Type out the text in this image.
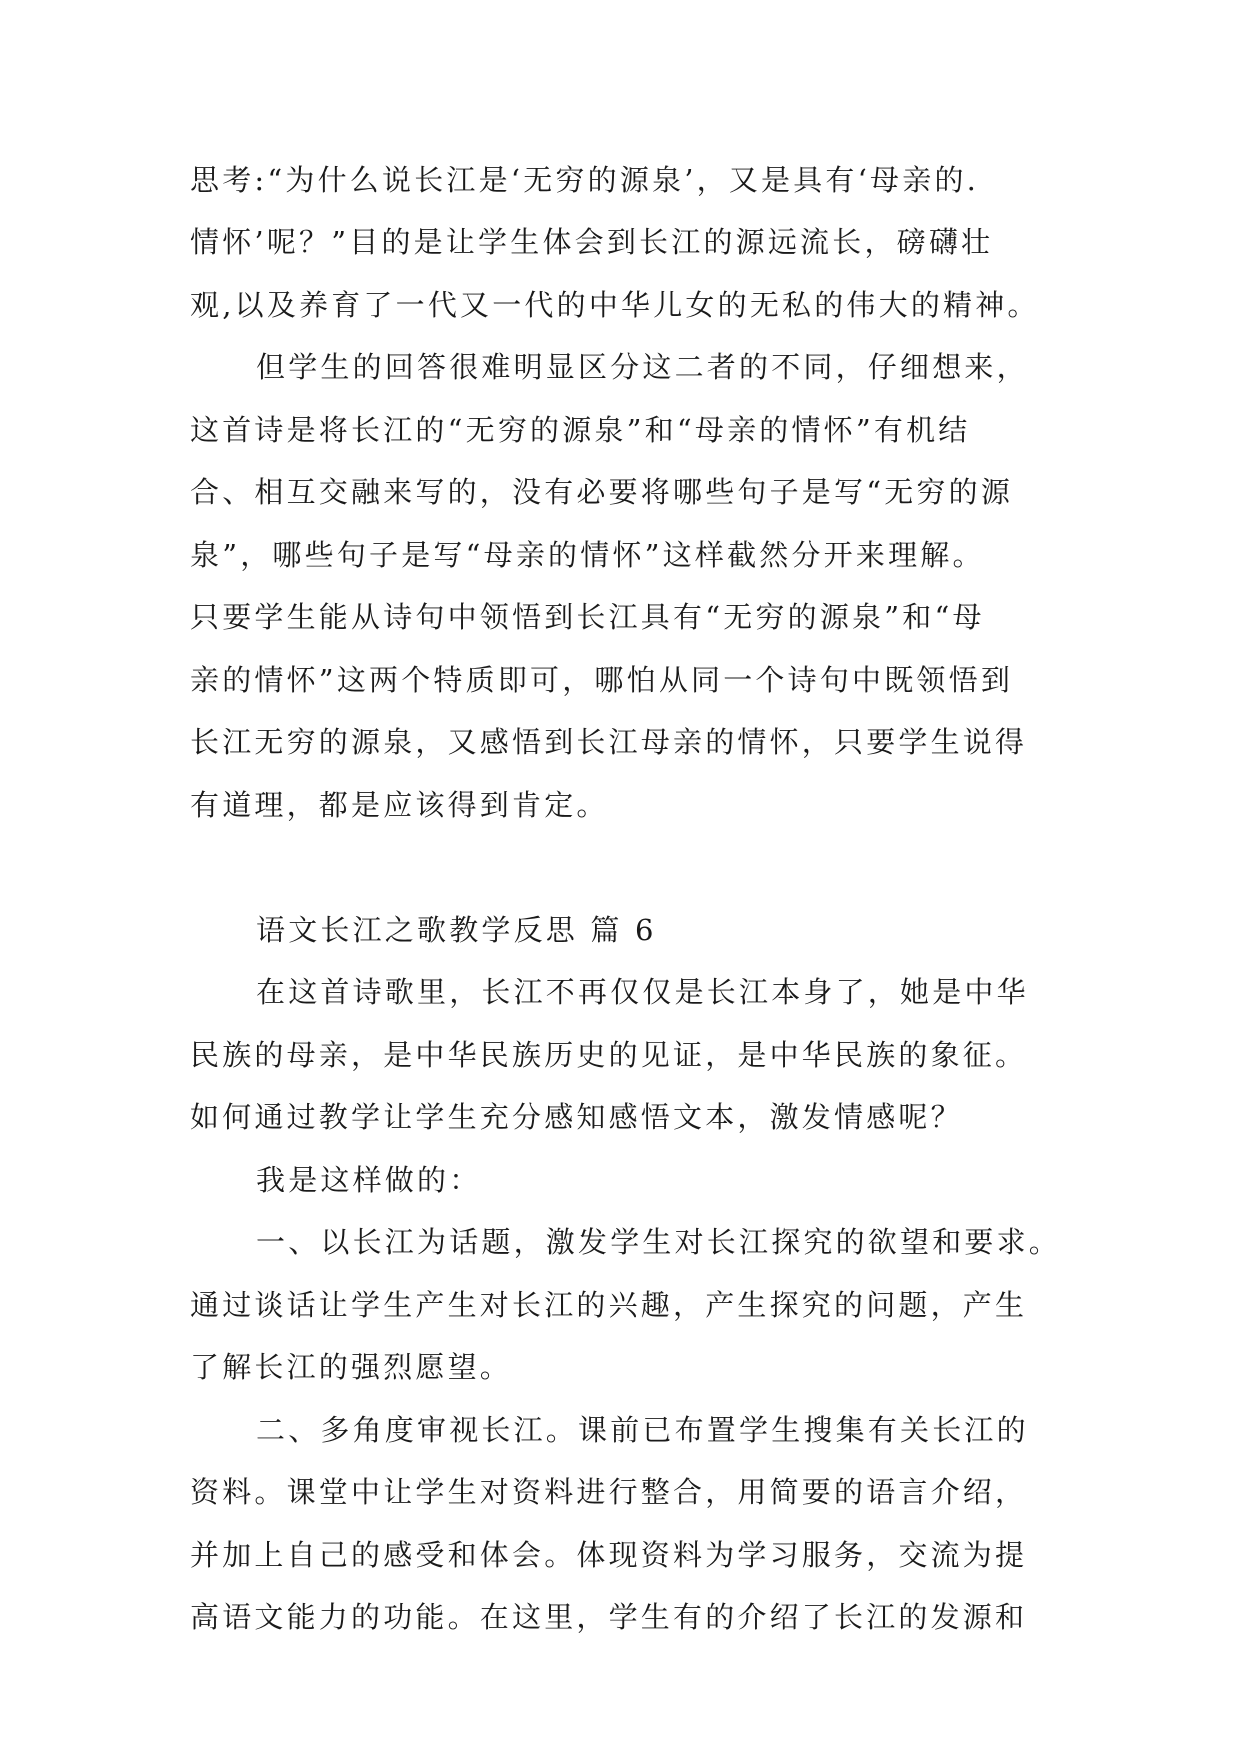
思考:“为什么说长江是‘无穷的源泉’，又是具有‘母亲的.
情怀’呢？”目的是让学生体会到长江的源远流长，磅礴壮
观,以及养育了一代又一代的中华儿女的无私的伟大的精神。
但学生的回答很难明显区分这二者的不同，仔细想来，
这首诗是将长江的“无穷的源泉”和“母亲的情怀”有机结
合、相互交融来写的，没有必要将哪些句子是写“无穷的源
泉”，哪些句子是写“母亲的情怀”这样截然分开来理解。
只要学生能从诗句中领悟到长江具有“无穷的源泉”和“母
亲的情怀”这两个特质即可，哪怕从同一个诗句中既领悟到
长江无穷的源泉，又感悟到长江母亲的情怀，只要学生说得
有道理，都是应该得到肯定。
语文长江之歌教学反思 篇 6
在这首诗歌里，长江不再仅仅是长江本身了，她是中华
民族的母亲，是中华民族历史的见证，是中华民族的象征。
如何通过教学让学生充分感知感悟文本，激发情感呢？
我是这样做的：
一、以长江为话题，激发学生对长江探究的欲望和要求。
通过谈话让学生产生对长江的兴趣，产生探究的问题，产生
了解长江的强烈愿望。
二、多角度审视长江。课前已布置学生搜集有关长江的
资料。课堂中让学生对资料进行整合，用简要的语言介绍，
并加上自己的感受和体会。体现资料为学习服务，交流为提
高语文能力的功能。在这里，学生有的介绍了长江的发源和
